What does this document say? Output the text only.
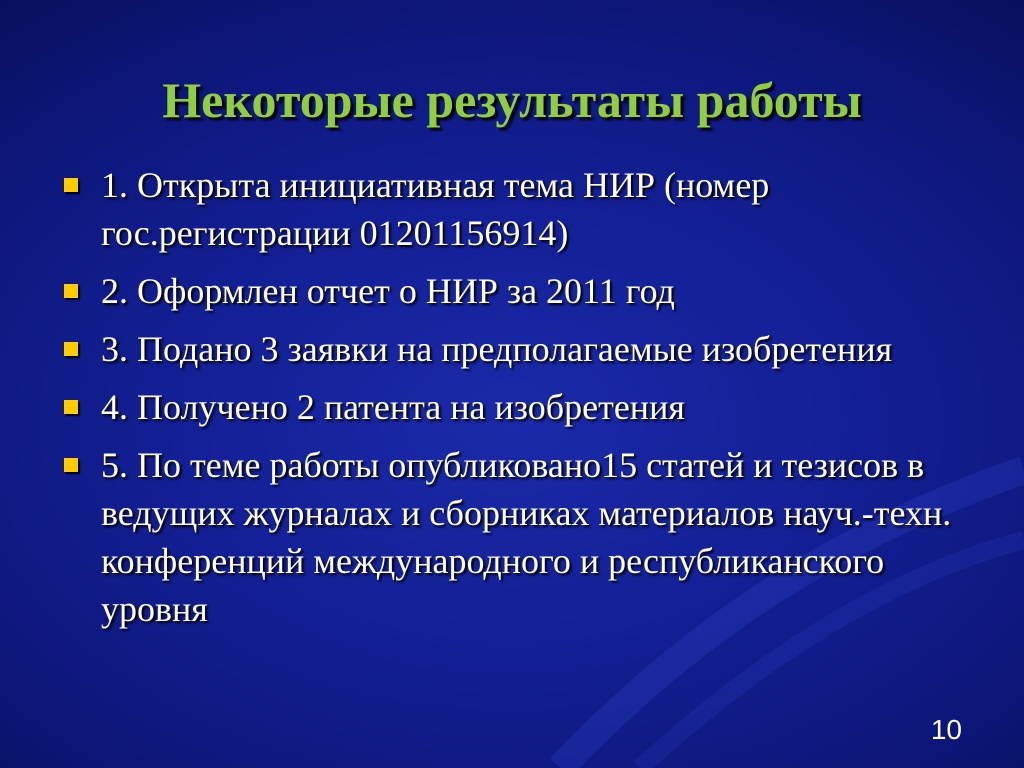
Некоторые результаты работы
1. Открыта инициативная тема НИР (номер гос.регистрации 01201156914)
2. Оформлен отчет о НИР за 2011 год
3. Подано 3 заявки на предполагаемые изобретения
4. Получено 2 патента на изобретения
5. По теме работы опубликовано15 статей и тезисов в ведущих журналах и сборниках материалов науч.-техн. конференций международного и республиканского уровня
10
